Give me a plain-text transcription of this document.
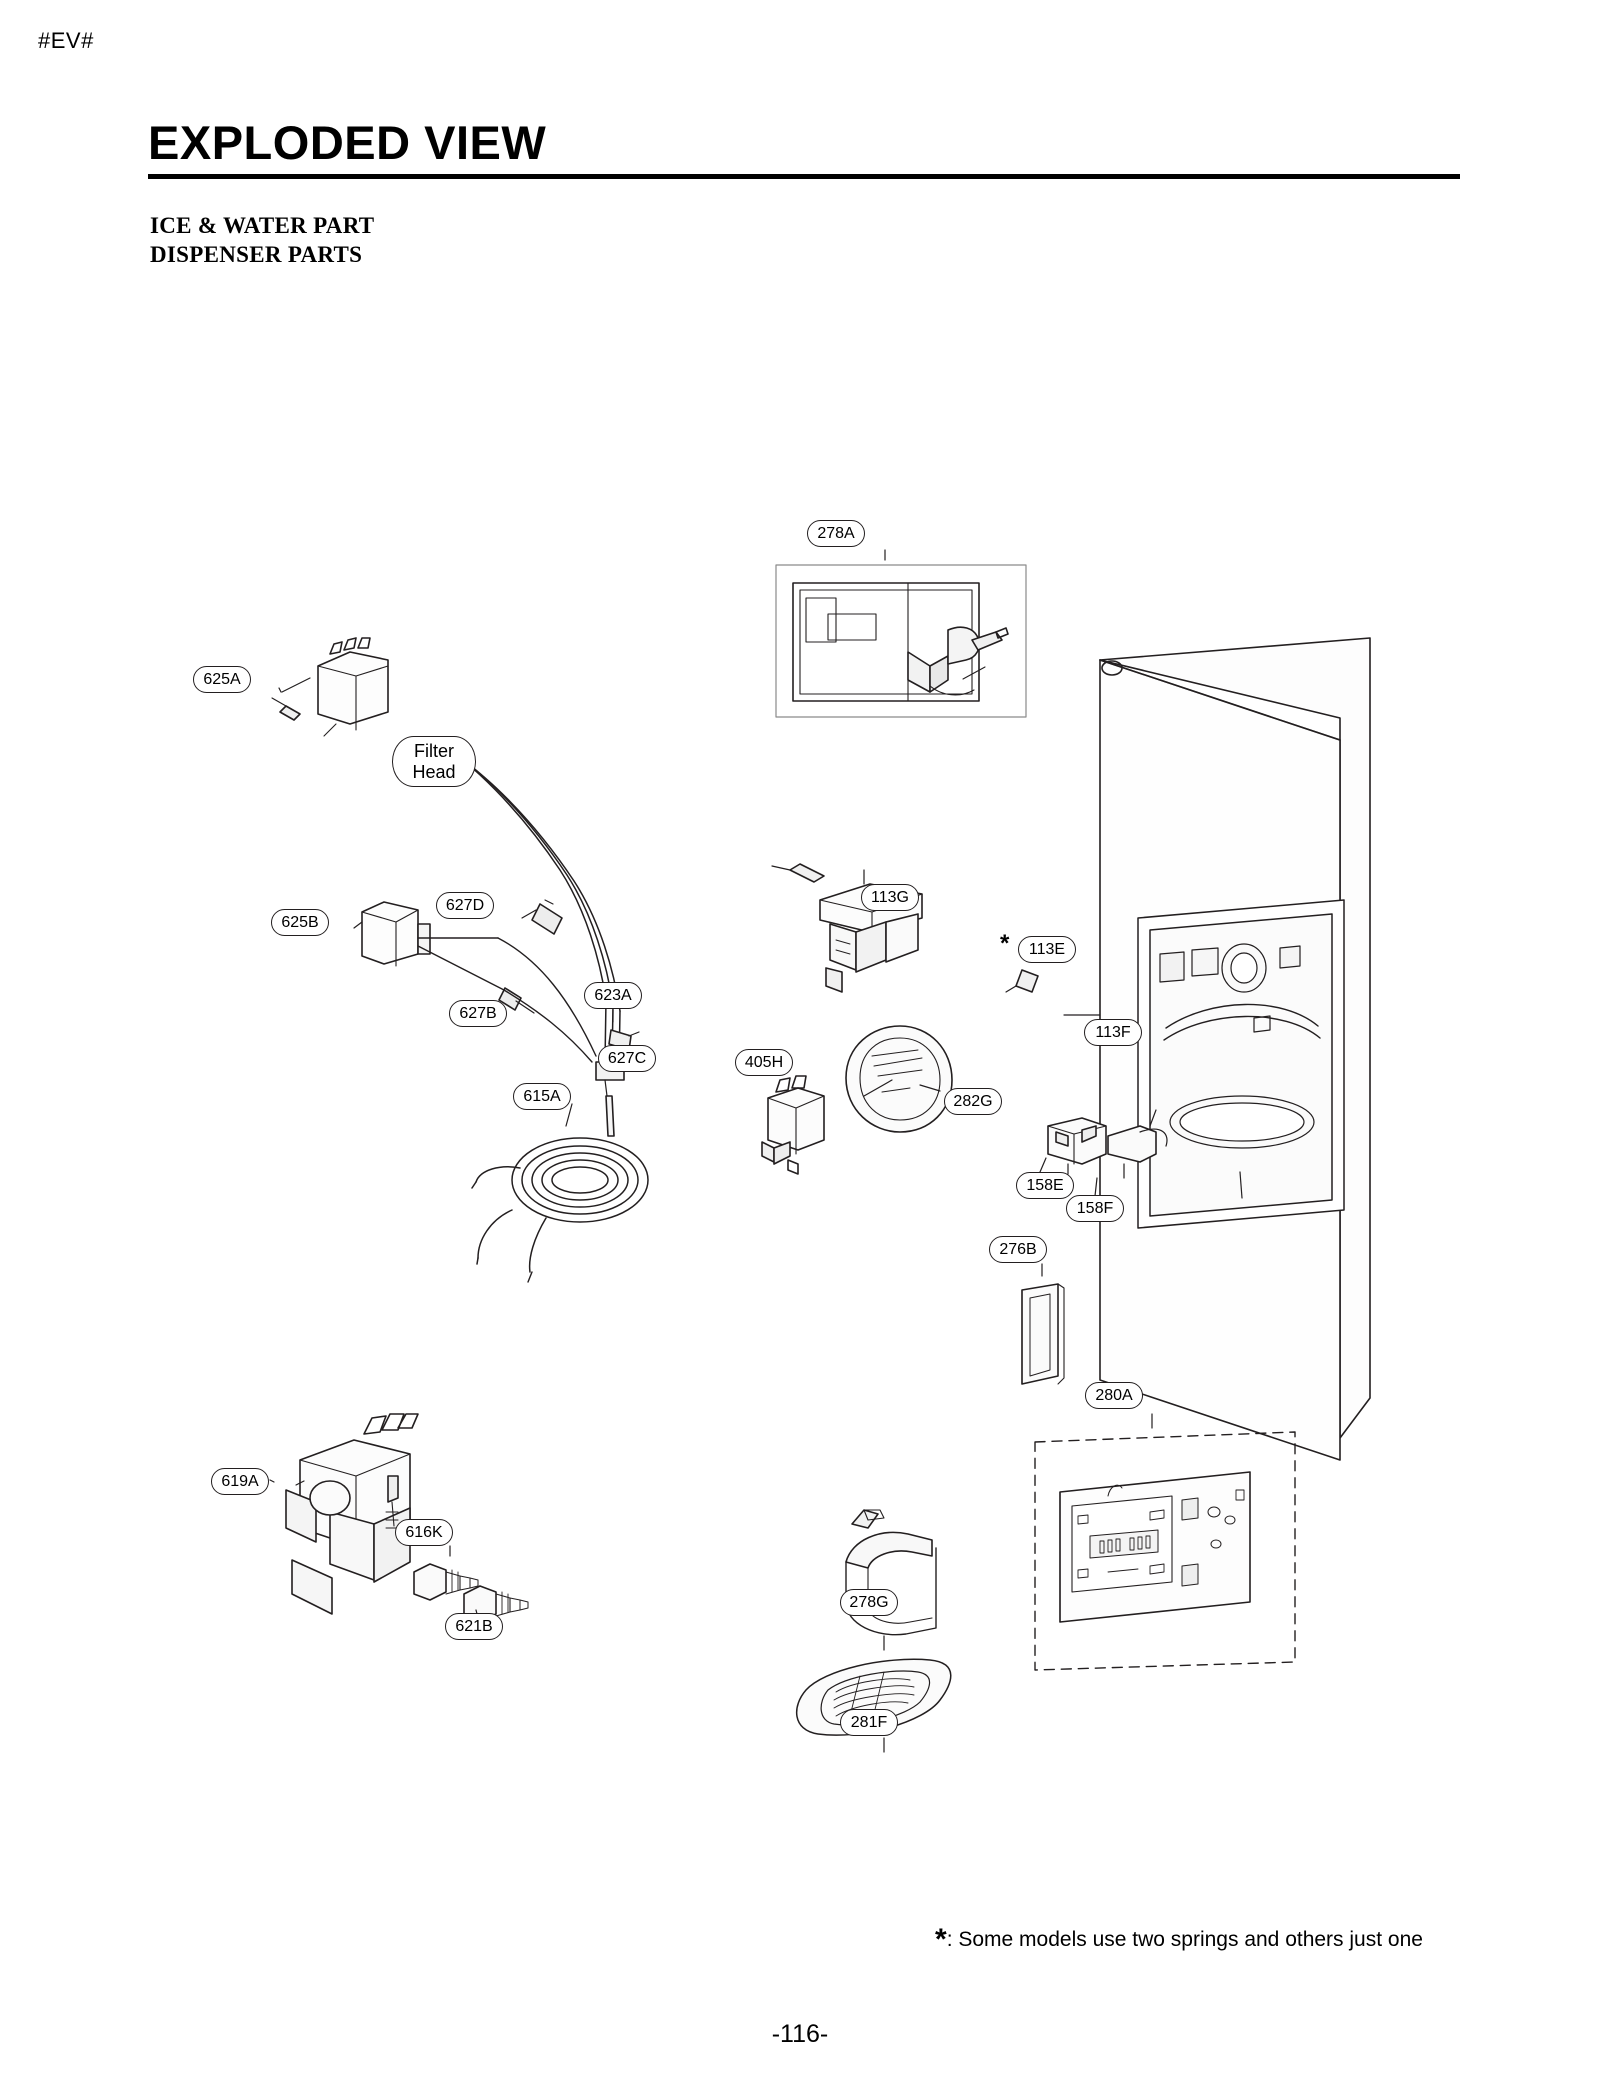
#EV#
EXPLODED VIEW
ICE & WATER PART
DISPENSER PARTS
Filter
Head
278A
625A
625B
627D
627B
623A
627C
615A
113G
113E
*
113F
405H
282G
158E
158F
276B
280A
619A
616K
621B
278G
281F
*: Some models use two springs and others just one
-116-
